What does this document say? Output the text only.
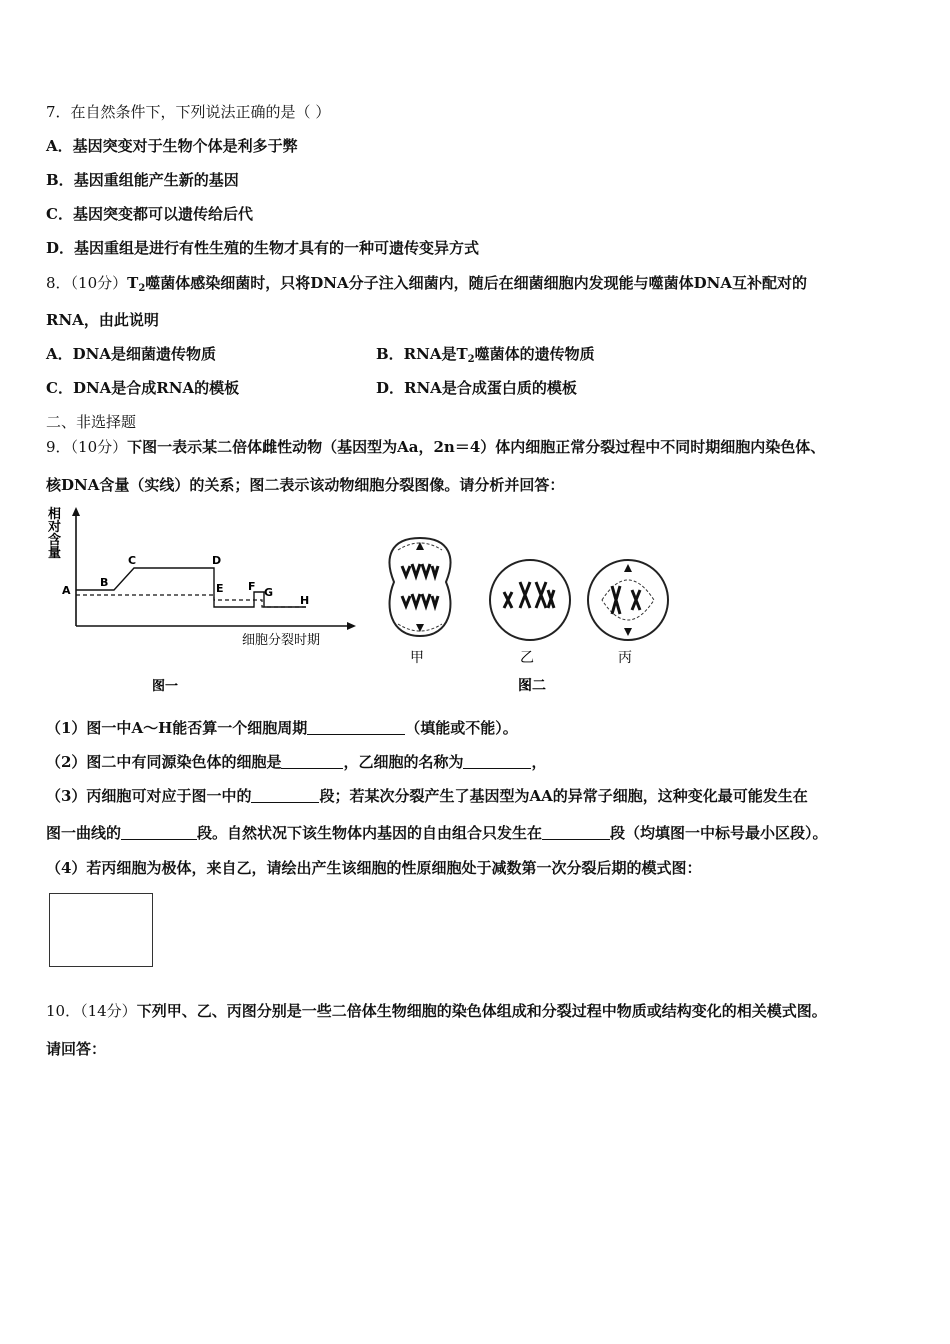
7．在自然条件下，下列说法正确的是（ ）
A．基因突变对于生物个体是利多于弊
B．基因重组能产生新的基因
C．基因突变都可以遗传给后代
D．基因重组是进行有性生殖的生物才具有的一种可遗传变异方式
8．（10分）$T_2$噬菌体感染细菌时，只将DNA分子注入细菌内，随后在细菌细胞内发现能与噬菌体DNA互补配对的
RNA，由此说明
A．DNA是细菌遗传物质	B．RNA是$T_2$噬菌体的遗传物质
C．DNA是合成RNA的模板	D．RNA是合成蛋白质的模板
二、非选择题
9．（10分）下图一表示某二倍体雌性动物（基因型为Aa，2n＝4）体内细胞正常分裂过程中不同时期细胞内染色体、
核DNA含量（实线）的关系；图二表示该动物细胞分裂图像。请分析并回答：
相
对
含
量
A
B
C	D
E F G
H
细胞分裂时期
图一
甲	乙	丙
图二
（1）图一中A～H能否算一个细胞周期	（填能或不能）。
（2）图二中有同源染色体的细胞是	，乙细胞的名称为	，
（3）丙细胞可对应于图一中的	段；若某次分裂产生了基因型为AA的异常子细胞，这种变化最可能发生在
图一曲线的	段。自然状况下该生物体内基因的自由组合只发生在	段（均填图一中标号最小区段）。
（4）若丙细胞为极体，来自乙，请绘出产生该细胞的性原细胞处于减数第一次分裂后期的模式图：
10．（14分）下列甲、乙、丙图分别是一些二倍体生物细胞的染色体组成和分裂过程中物质或结构变化的相关模式图。
请回答：
